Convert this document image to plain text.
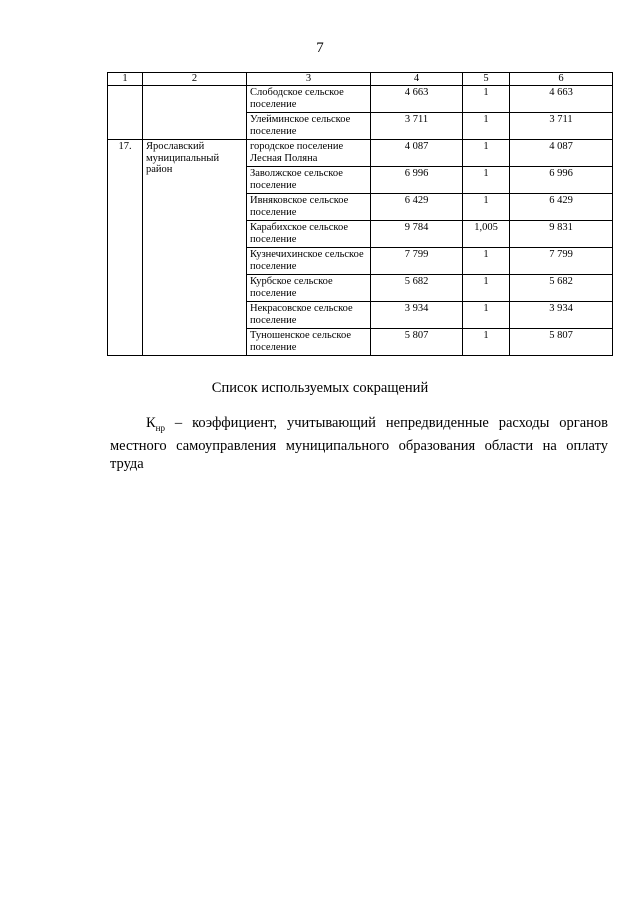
7
1	2	3	4	5	6
		Слободское сельское поселение	4 663	1	4 663
		Улейминское сельское поселение	3 711	1	3 711
17.	Ярославский муниципальный район	городское поселение Лесная Поляна	4 087	1	4 087
		Заволжское сельское поселение	6 996	1	6 996
		Ивняковское сельское поселение	6 429	1	6 429
		Карабихское сельское поселение	9 784	1,005	9 831
		Кузнечихинское сельское поселение	7 799	1	7 799
		Курбское сельское поселение	5 682	1	5 682
		Некрасовское сельское поселение	3 934	1	3 934
		Туношенское сельское поселение	5 807	1	5 807
Список используемых сокращений
$К_{нр}$ – коэффициент, учитывающий непредвиденные расходы органов местного самоуправления муниципального образования области на оплату труда
